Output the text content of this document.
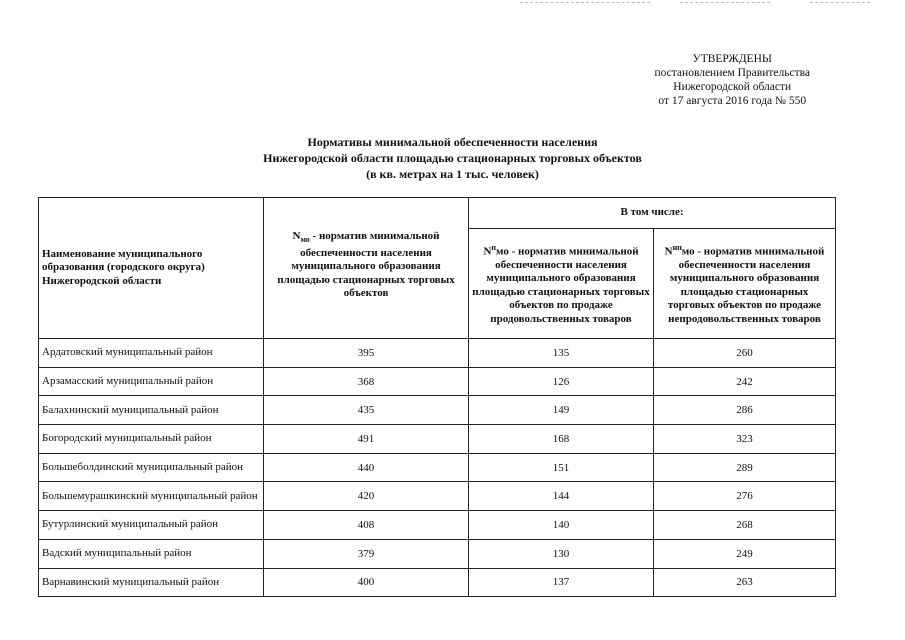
УТВЕРЖДЕНЫ
постановлением Правительства
Нижегородской области
от 17 августа 2016 года № 550
Нормативы минимальной обеспеченности населения
Нижегородской области площадью стационарных торговых объектов
(в кв. метрах на 1 тыс. человек)
Наименование муниципального образования (городского округа) Нижегородской области	$N_{мо}$ - норматив минимальной обеспеченности населения муниципального образования площадью стационарных торговых объектов	В том числе:	
		$N^пмо$ - норматив минимальной обеспеченности населения муниципального образования площадью стационарных торговых объектов по продаже продовольственных товаров	$N^{нп}мо$ - норматив минимальной обеспеченности населения муниципального образования площадью стационарных торговых объектов по продаже непродовольственных товаров
Ардатовский муниципальный район	395	135	260
Арзамасский муниципальный район	368	126	242
Балахнинский муниципальный район	435	149	286
Богородский муниципальный район	491	168	323
Большеболдинский муниципальный район	440	151	289
Большемурашкинский муниципальный район	420	144	276
Бутурлинский муниципальный район	408	140	268
Вадский муниципальный район	379	130	249
Варнавинский муниципальный район	400	137	263
